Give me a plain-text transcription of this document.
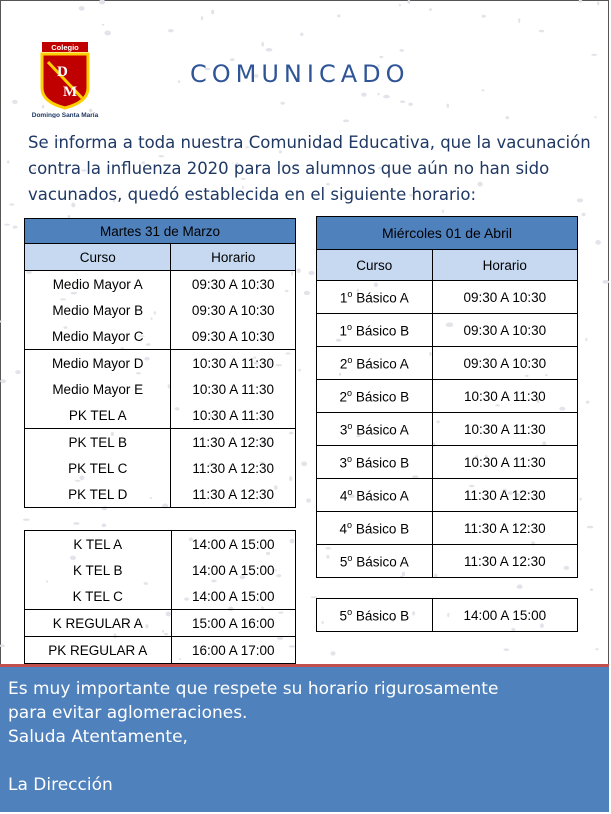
Colegio
D
M
Domingo Santa María
COMUNICADO
Se informa a toda nuestra Comunidad Educativa, que la vacunación
contra la influenza 2020 para los alumnos que aún no han sido
vacunados, quedó establecida en el siguiente horario:
Martes 31 de Marzo	
Curso	Horario
Medio Mayor A	09:30 A 10:30
Medio Mayor B	09:30 A 10:30
Medio Mayor C	09:30 A 10:30
Medio Mayor D	10:30 A 11:30
Medio Mayor E	10:30 A 11:30
PK TEL A	10:30 A 11:30
PK TEL B	11:30 A 12:30
PK TEL C	11:30 A 12:30
PK TEL D	11:30 A 12:30
K TEL A	14:00 A 15:00
K TEL B	14:00 A 15:00
K TEL C	14:00 A 15:00
K REGULAR A	15:00 A 16:00
PK REGULAR A	16:00 A 17:00
Miércoles 01 de Abril	
Curso	Horario
1$^o$ Básico A	09:30 A 10:30
1$^o$ Básico B	09:30 A 10:30
2$^o$ Básico A	09:30 A 10:30
2$^o$ Básico B	10:30 A 11:30
3$^o$ Básico A	10:30 A 11:30
3$^o$ Básico B	10:30 A 11:30
4$^o$ Básico A	11:30 A 12:30
4$^o$ Básico B	11:30 A 12:30
5$^o$ Básico A	11:30 A 12:30
5$^o$ Básico B	14:00 A 15:00
Es muy importante que respete su horario rigurosamente
para evitar aglomeraciones.
Saluda Atentamente,
La Dirección
